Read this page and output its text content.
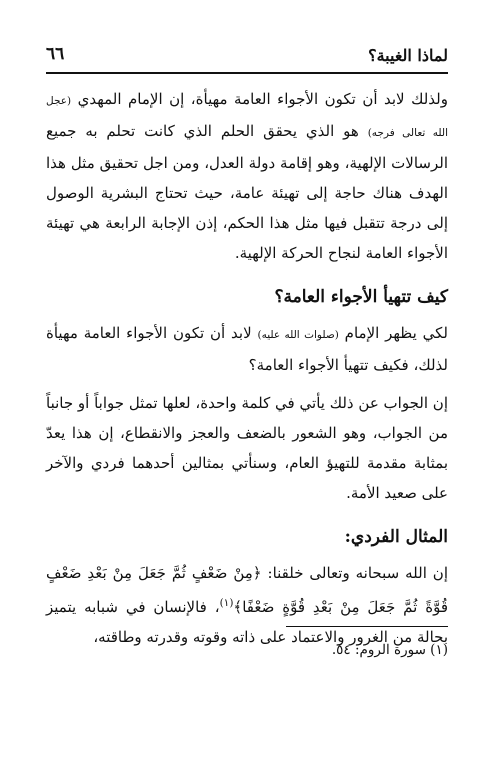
لماذا الغيبة؟
٦٦

ولذلك لابد أن تكون الأجواء العامة مهيأة، إن الإمام المهدي (عجل الله تعالى فرجه) هو الذي يحقق الحلم الذي كانت تحلم به جميع الرسالات الإلهية، وهو إقامة دولة العدل، ومن اجل تحقيق مثل هذا الهدف هناك حاجة إلى تهيئة عامة، حيث تحتاج البشرية الوصول إلى درجة تتقبل فيها مثل هذا الحكم، إذن الإجابة الرابعة هي تهيئة الأجواء العامة لنجاح الحركة الإلهية.

كيف تتهيأ الأجواء العامة؟

لكي يظهر الإمام (صلوات الله عليه) لابد أن تكون الأجواء العامة مهيأة لذلك، فكيف تتهيأ الأجواء العامة؟

إن الجواب عن ذلك يأتي في كلمة واحدة، لعلها تمثل جواباً أو جانباً من الجواب، وهو الشعور بالضعف والعجز والانقطاع، إن هذا يعدّ بمثابة مقدمة للتهيؤ العام، وسنأتي بمثالين أحدهما فردي والآخر على صعيد الأمة.

المثال الفردي:

إن الله سبحانه وتعالى خلقنا: ﴿مِنْ ضَعْفٍ ثُمَّ جَعَلَ مِنْ بَعْدِ ضَعْفٍ قُوَّةً ثُمَّ جَعَلَ مِنْ بَعْدِ قُوَّةٍ ضَعْفًا﴾$^{(١)}$، فالإنسان في شبابه يتميز بحالة من الغرور والاعتماد على ذاته وقوته وقدرته وطاقته،

(١) سورة الروم: ٥٤.
